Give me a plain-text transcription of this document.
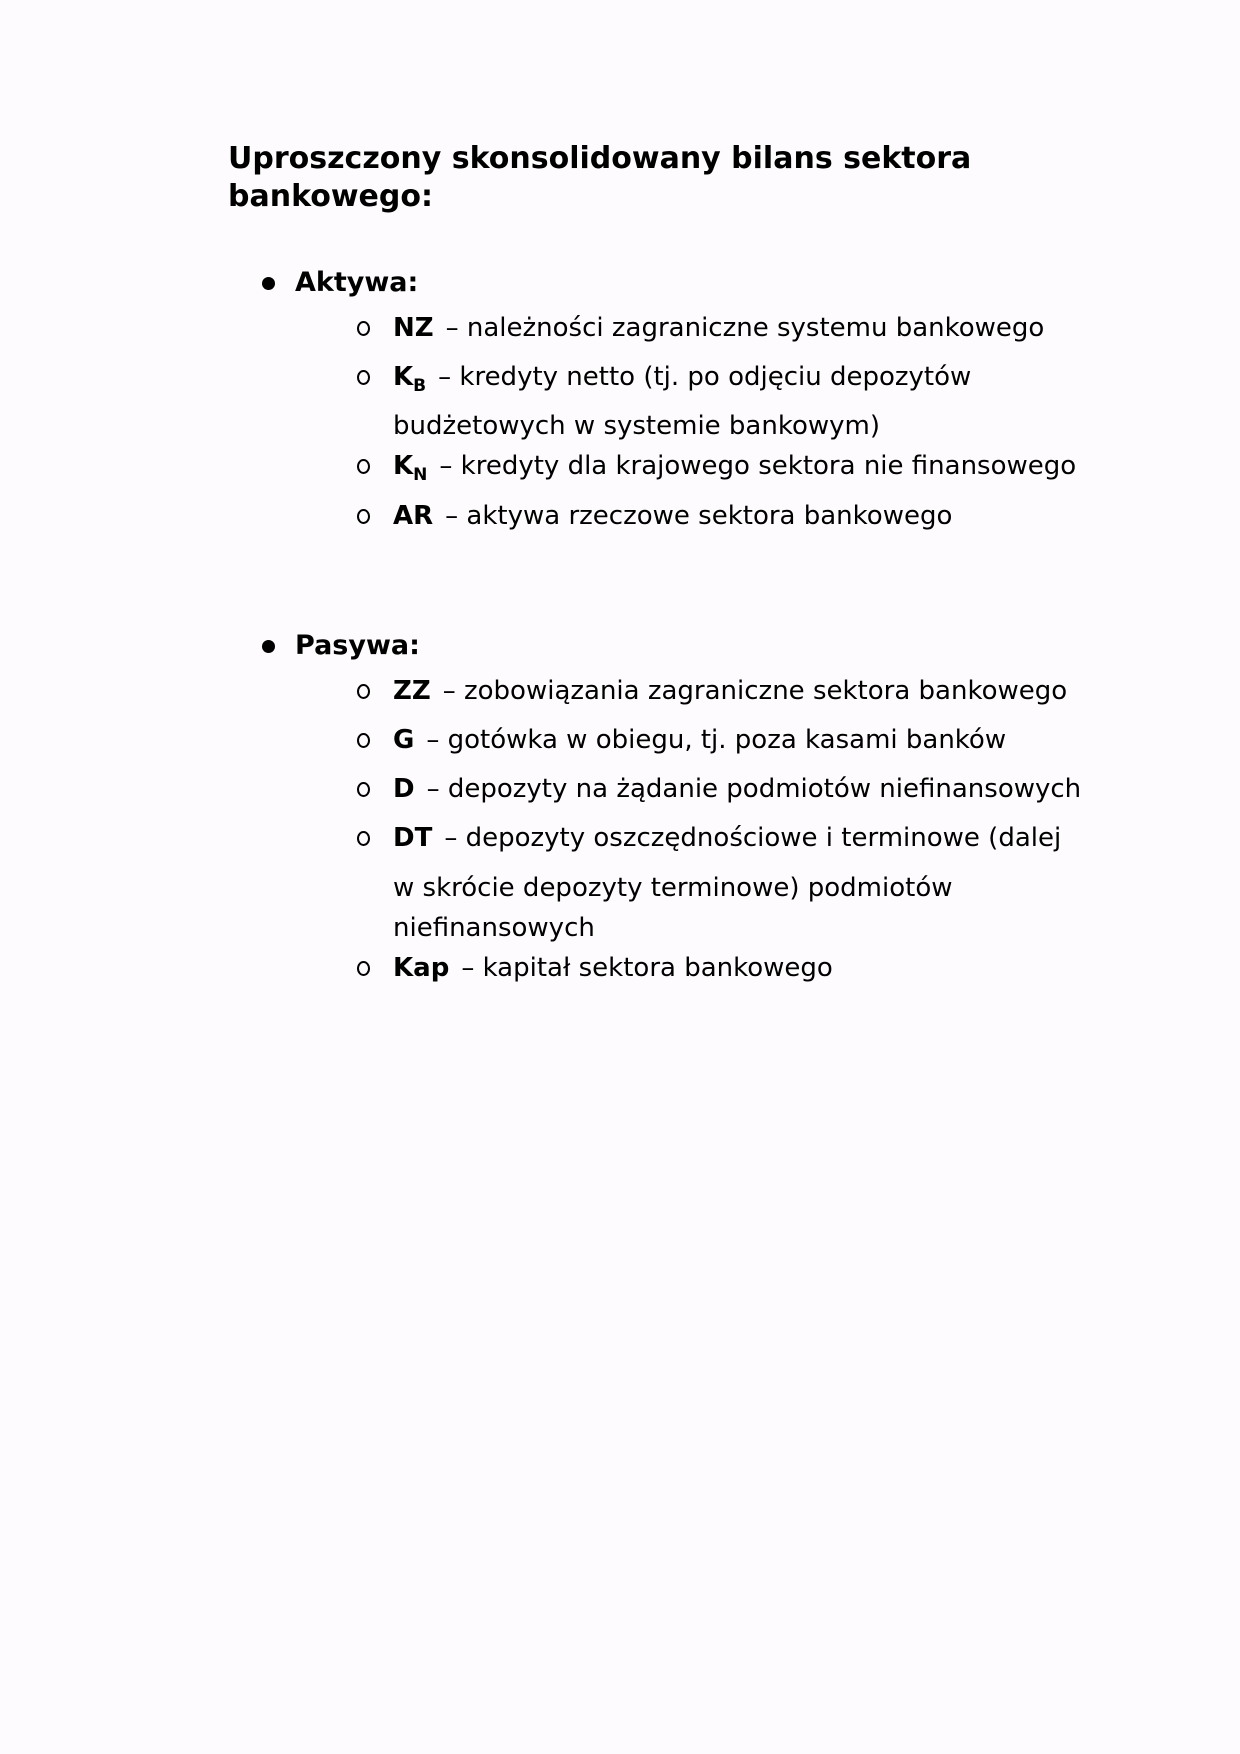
Uproszczony skonsolidowany bilans sektora bankowego:
Aktywa:
NZ – należności zagraniczne systemu bankowego
$K_B$ – kredyty netto (tj. po odjęciu depozytów
budżetowych w systemie bankowym)
$K_N$ – kredyty dla krajowego sektora nie finansowego
AR – aktywa rzeczowe sektora bankowego
Pasywa:
ZZ – zobowiązania zagraniczne sektora bankowego
G – gotówka w obiegu, tj. poza kasami banków
D – depozyty na żądanie podmiotów niefinansowych
DT – depozyty oszczędnościowe i terminowe (dalej
w skrócie depozyty terminowe) podmiotów
niefinansowych
Kap – kapitał sektora bankowego
